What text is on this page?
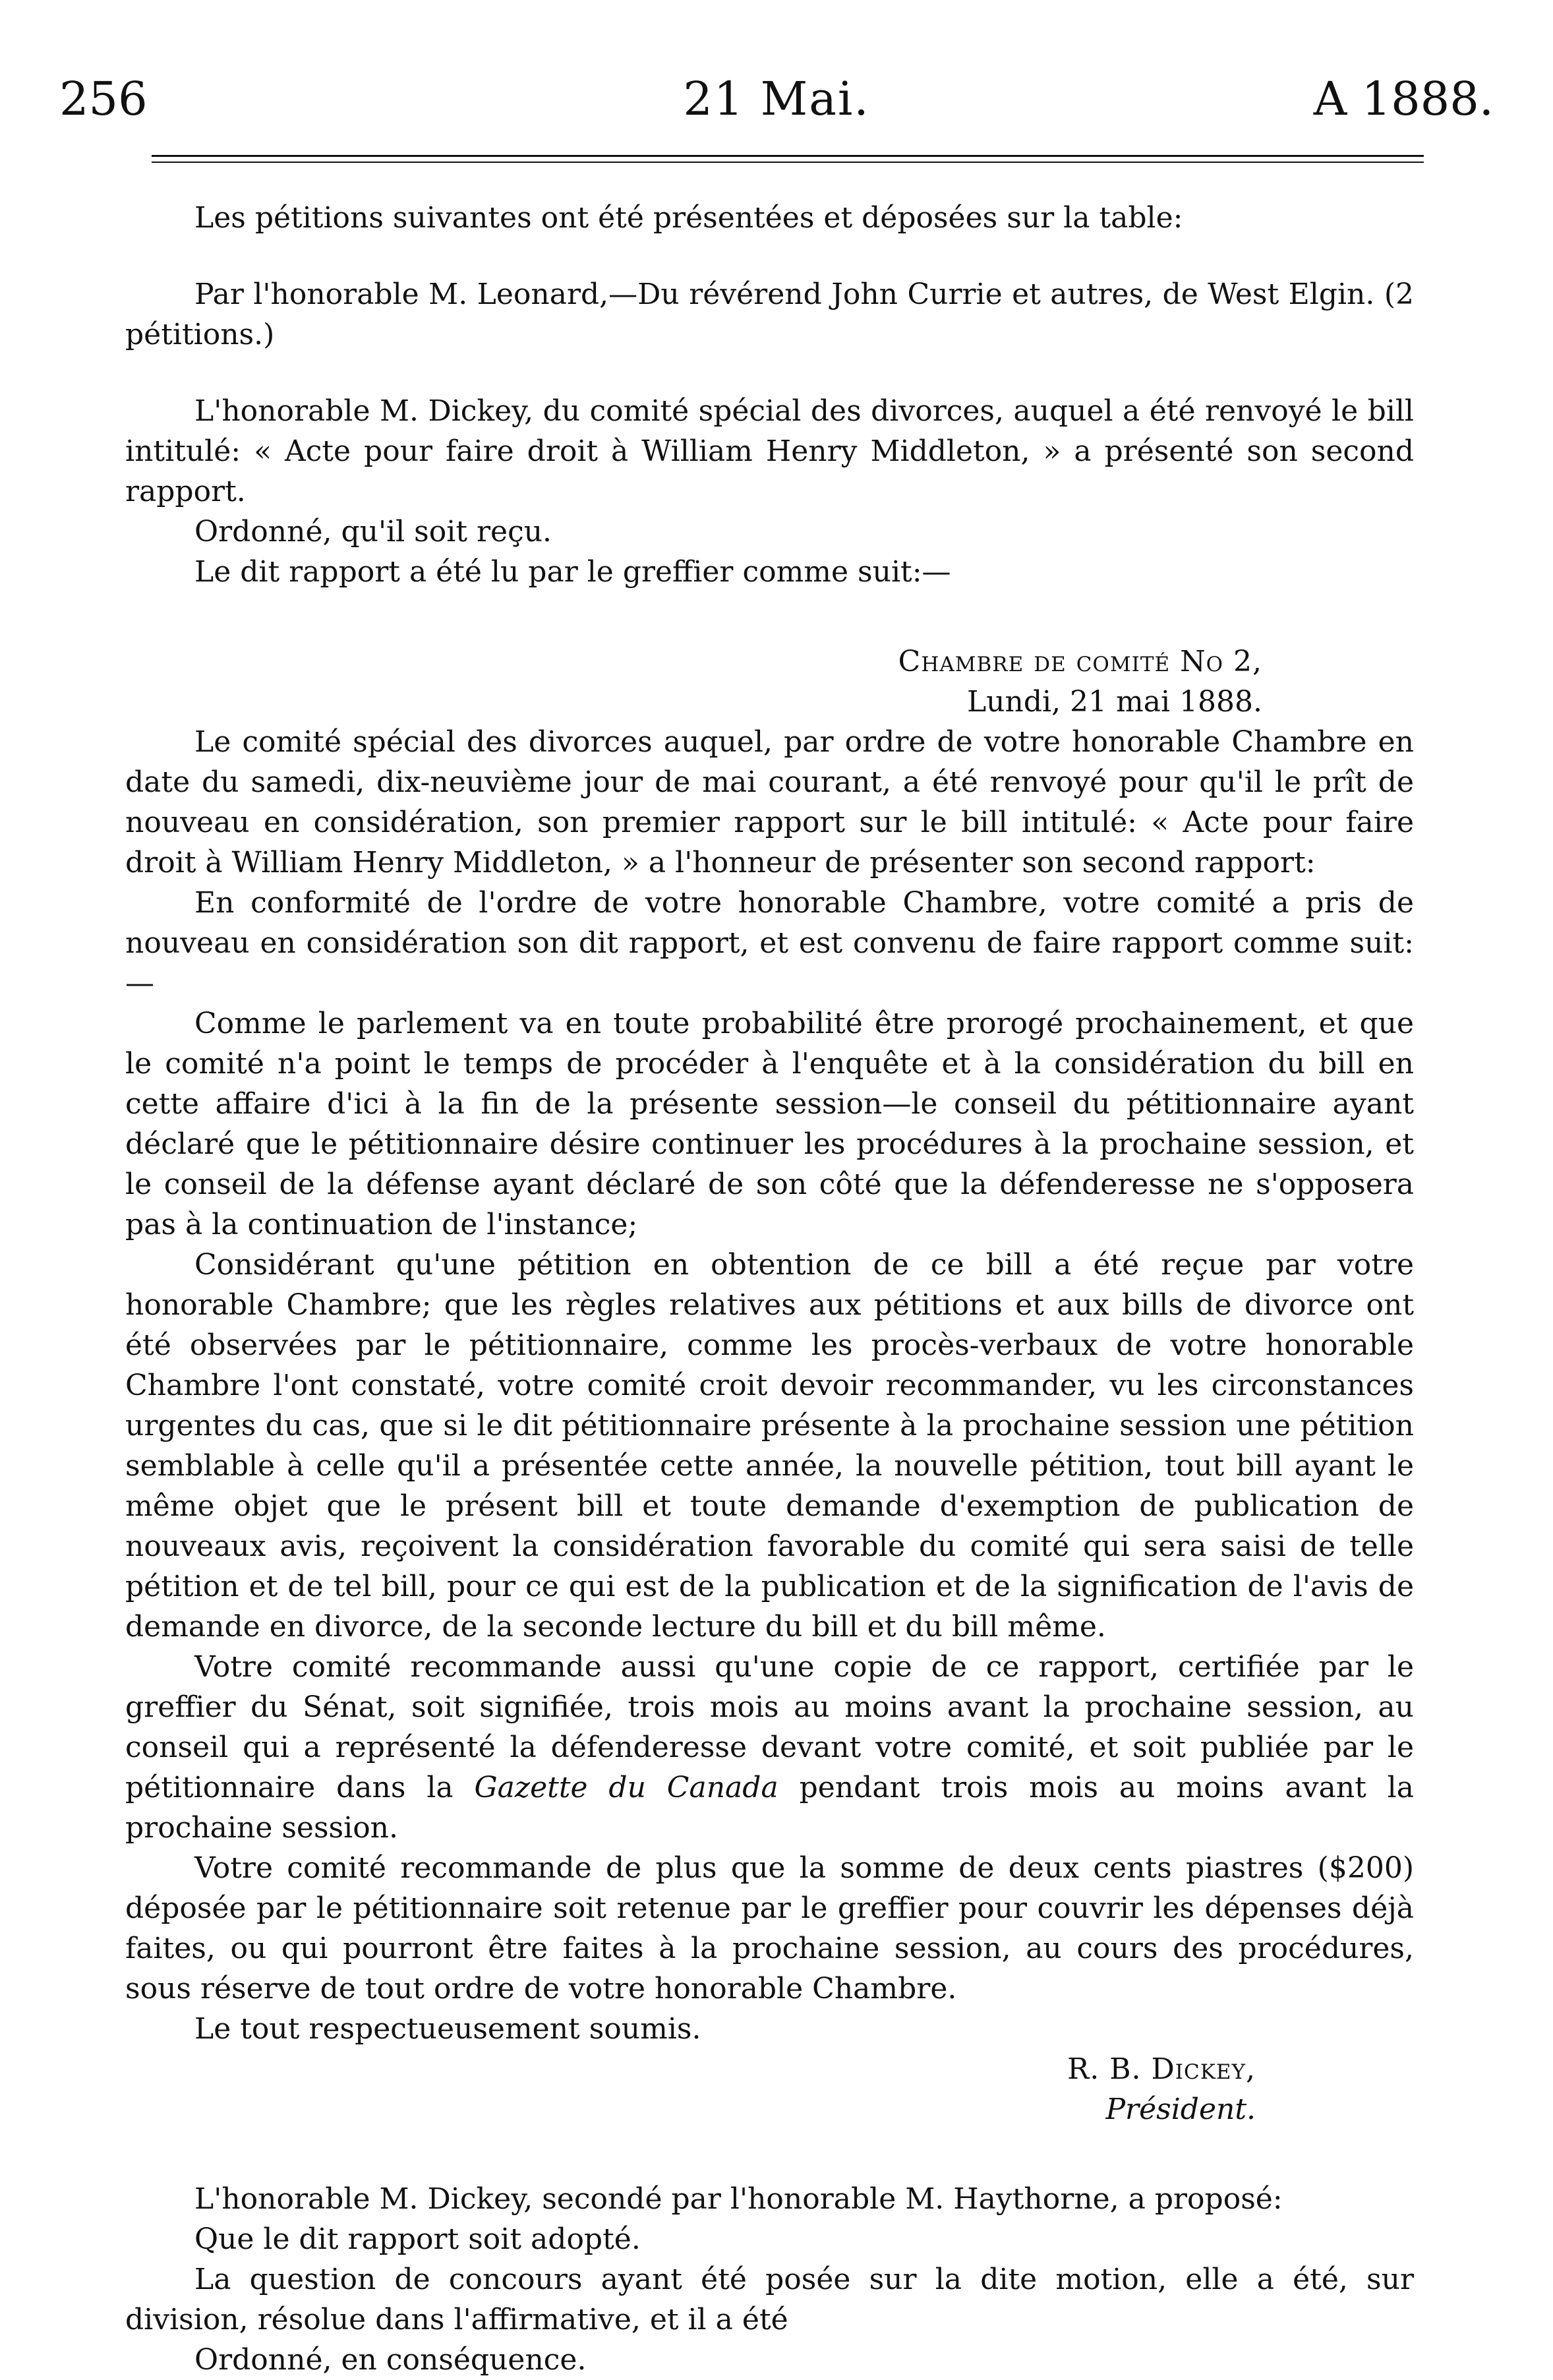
256	21 Mai.	A 1888.

Les pétitions suivantes ont été présentées et déposées sur la table:

Par l'honorable M. Leonard,—Du révérend John Currie et autres, de West Elgin. (2 pétitions.)

L'honorable M. Dickey, du comité spécial des divorces, auquel a été renvoyé le bill intitulé: « Acte pour faire droit à William Henry Middleton, » a présenté son second rapport.

Ordonné, qu'il soit reçu.

Le dit rapport a été lu par le greffier comme suit:—

Chambre de comité No 2,

Lundi, 21 mai 1888.

Le comité spécial des divorces auquel, par ordre de votre honorable Chambre en date du samedi, dix-neuvième jour de mai courant, a été renvoyé pour qu'il le prît de nouveau en considération, son premier rapport sur le bill intitulé: « Acte pour faire droit à William Henry Middleton, » a l'honneur de présenter son second rapport:

En conformité de l'ordre de votre honorable Chambre, votre comité a pris de nouveau en considération son dit rapport, et est convenu de faire rapport comme suit:—

Comme le parlement va en toute probabilité être prorogé prochainement, et que le comité n'a point le temps de procéder à l'enquête et à la considération du bill en cette affaire d'ici à la fin de la présente session—le conseil du pétitionnaire ayant déclaré que le pétitionnaire désire continuer les procédures à la prochaine session, et le conseil de la défense ayant déclaré de son côté que la défenderesse ne s'opposera pas à la continuation de l'instance;

Considérant qu'une pétition en obtention de ce bill a été reçue par votre honorable Chambre; que les règles relatives aux pétitions et aux bills de divorce ont été observées par le pétitionnaire, comme les procès-verbaux de votre honorable Chambre l'ont constaté, votre comité croit devoir recommander, vu les circonstances urgentes du cas, que si le dit pétitionnaire présente à la prochaine session une pétition semblable à celle qu'il a présentée cette année, la nouvelle pétition, tout bill ayant le même objet que le présent bill et toute demande d'exemption de publication de nouveaux avis, reçoivent la considération favorable du comité qui sera saisi de telle pétition et de tel bill, pour ce qui est de la publication et de la signification de l'avis de demande en divorce, de la seconde lecture du bill et du bill même.

Votre comité recommande aussi qu'une copie de ce rapport, certifiée par le greffier du Sénat, soit signifiée, trois mois au moins avant la prochaine session, au conseil qui a représenté la défenderesse devant votre comité, et soit publiée par le pétitionnaire dans la Gazette du Canada pendant trois mois au moins avant la prochaine session.

Votre comité recommande de plus que la somme de deux cents piastres ($200) déposée par le pétitionnaire soit retenue par le greffier pour couvrir les dépenses déjà faites, ou qui pourront être faites à la prochaine session, au cours des procédures, sous réserve de tout ordre de votre honorable Chambre.

Le tout respectueusement soumis.

R. B. Dickey,

Président.

L'honorable M. Dickey, secondé par l'honorable M. Haythorne, a proposé:

Que le dit rapport soit adopté.

La question de concours ayant été posée sur la dite motion, elle a été, sur division, résolue dans l'affirmative, et il a été

Ordonné, en conséquence.
